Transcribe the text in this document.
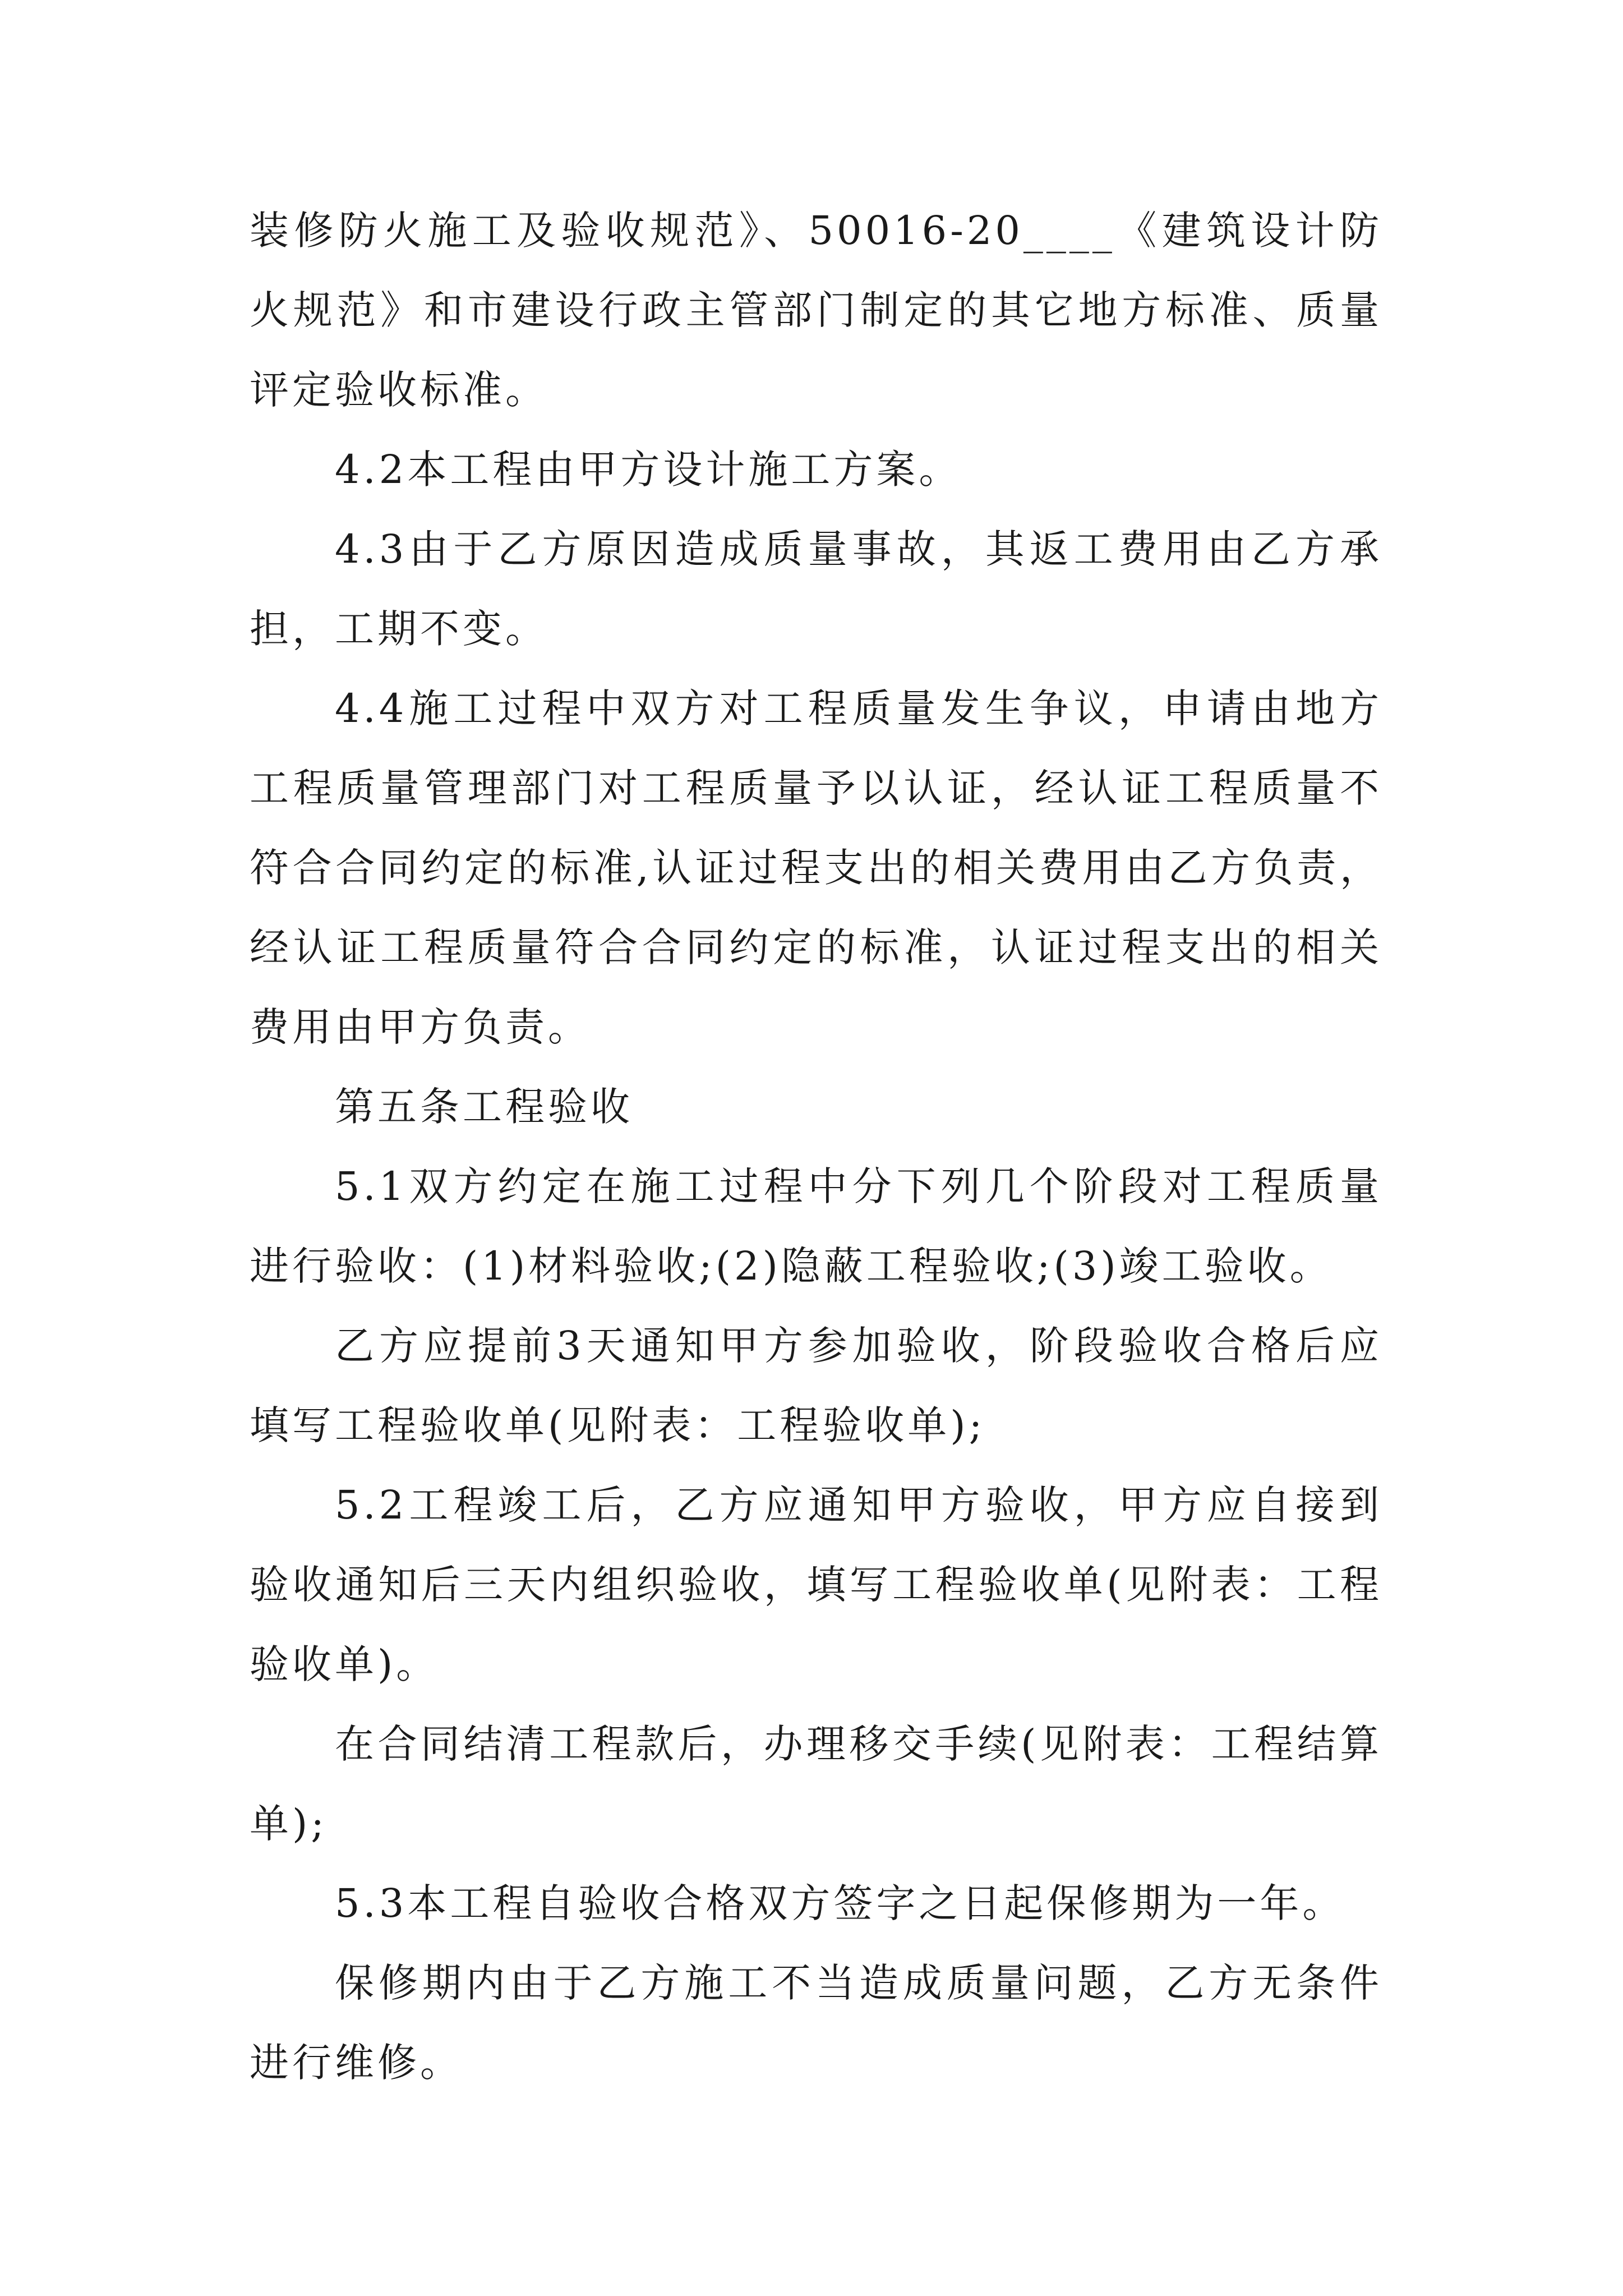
装修防火施工及验收规范》、50016-20____《建筑设计防火规范》和市建设行政主管部门制定的其它地方标准、质量评定验收标准。

4.2本工程由甲方设计施工方案。

4.3由于乙方原因造成质量事故，其返工费用由乙方承担，工期不变。

4.4施工过程中双方对工程质量发生争议，申请由地方工程质量管理部门对工程质量予以认证，经认证工程质量不符合合同约定的标准,认证过程支出的相关费用由乙方负责，经认证工程质量符合合同约定的标准，认证过程支出的相关费用由甲方负责。

第五条工程验收

5.1双方约定在施工过程中分下列几个阶段对工程质量进行验收：(1)材料验收;(2)隐蔽工程验收;(3)竣工验收。

乙方应提前3天通知甲方参加验收，阶段验收合格后应填写工程验收单(见附表：工程验收单);

5.2工程竣工后，乙方应通知甲方验收，甲方应自接到验收通知后三天内组织验收，填写工程验收单(见附表：工程验收单)。

在合同结清工程款后，办理移交手续(见附表：工程结算单);

5.3本工程自验收合格双方签字之日起保修期为一年。

保修期内由于乙方施工不当造成质量问题，乙方无条件进行维修。
